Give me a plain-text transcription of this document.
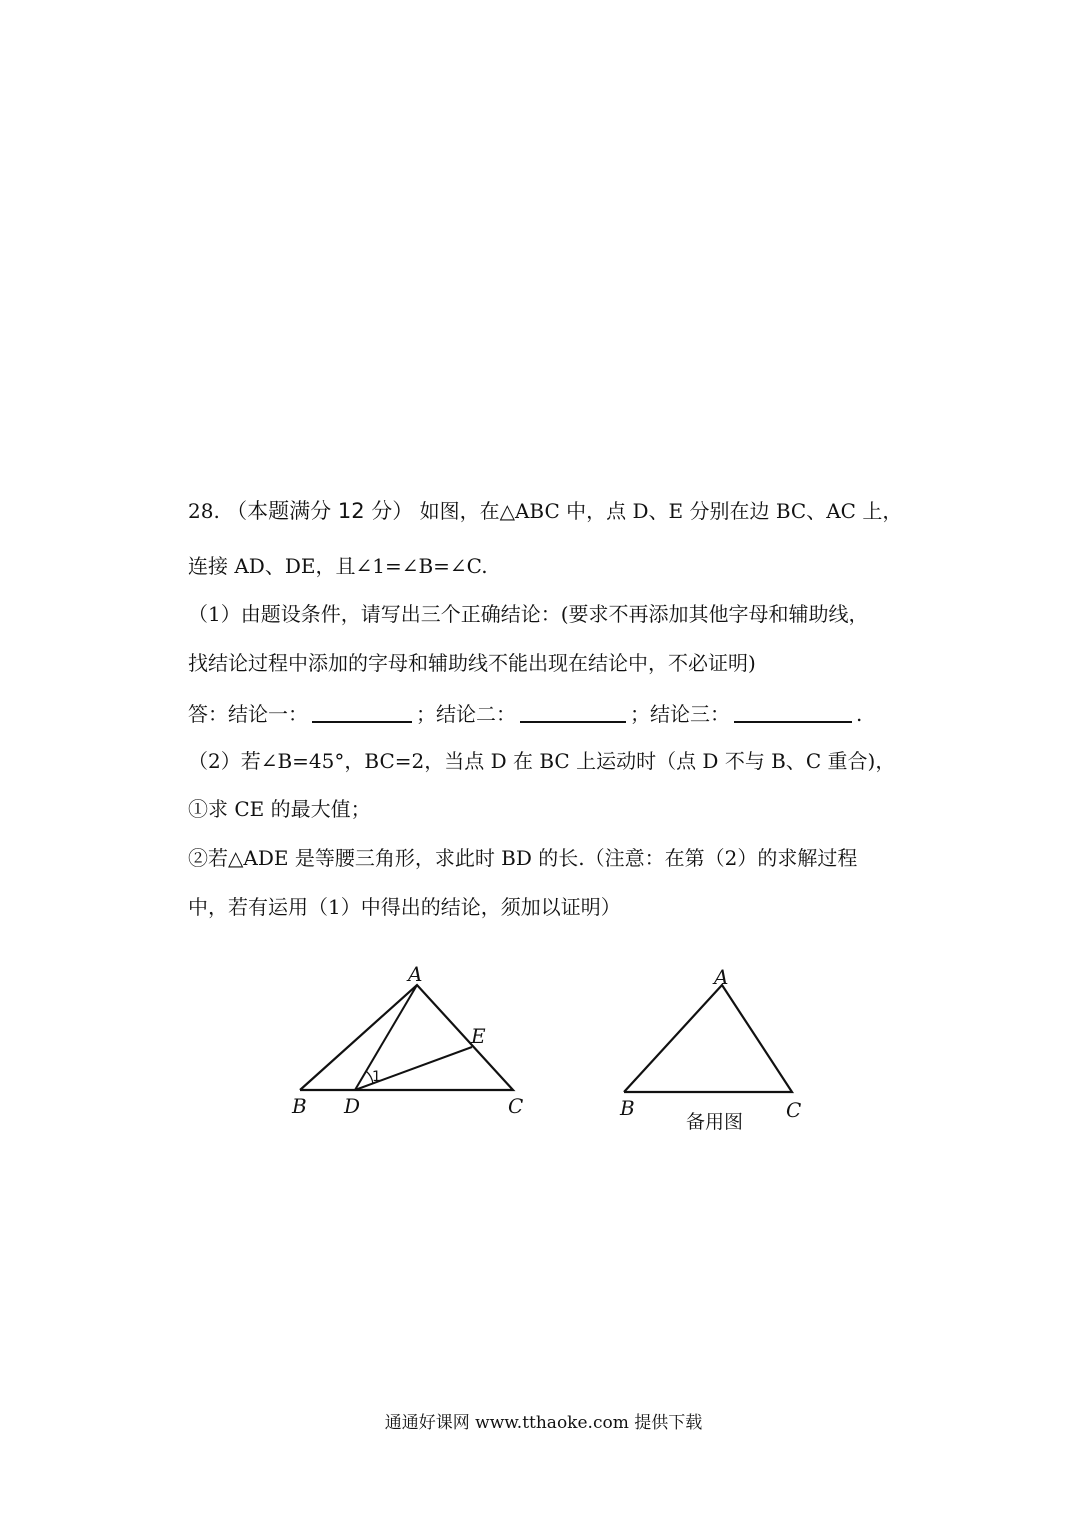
28. （本题满分 12 分） 如图，在△ABC 中，点 D、E 分别在边 BC、AC 上，
连接 AD、DE，且∠1=∠B=∠C.
（1）由题设条件，请写出三个正确结论：(要求不再添加其他字母和辅助线，
找结论过程中添加的字母和辅助线不能出现在结论中，不必证明)
答：结论一：	；结论二：	；结论三：	.
（2）若∠B=45°，BC=2，当点 D 在 BC 上运动时（点 D 不与 B、C 重合)，
①求 CE 的最大值；
②若△ADE 是等腰三角形，求此时 BD 的长.（注意：在第（2）的求解过程
中，若有运用（1）中得出的结论，须加以证明）
A
B D	C
E
1
A
B	C
备用图
通通好课网 www.tthaoke.com 提供下载
